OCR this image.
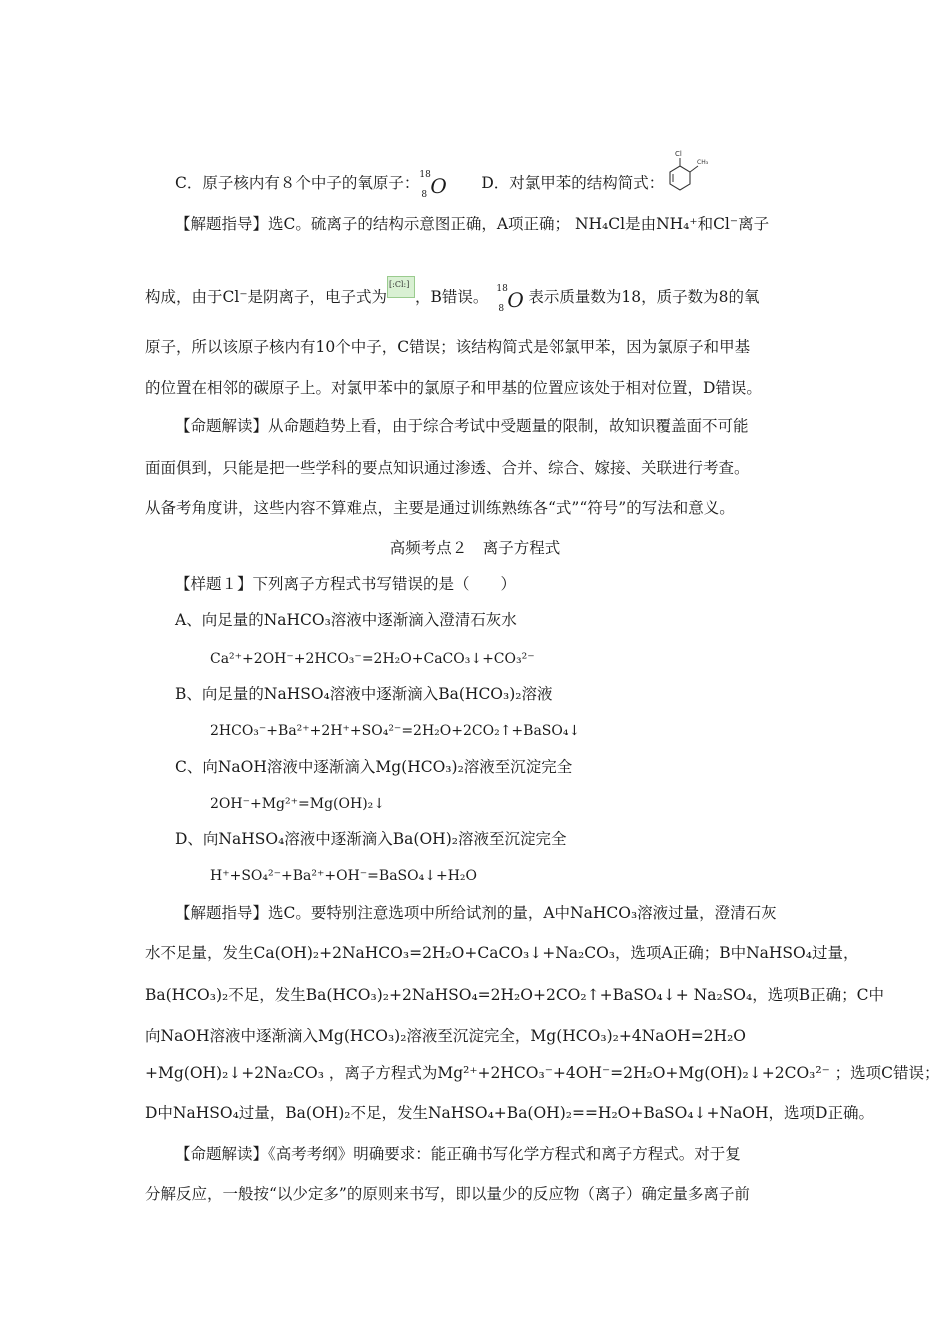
C．原子核内有８个中子的氧原子： 18
8 O D．对氯甲苯的结构简式：
Cl
CH₃
【解题指导】选C。硫离子的结构示意图正确，A项正确； NH₄Cl是由NH₄⁺和Cl⁻离子
构成，由于Cl⁻是阴离子，电子式为[:Cl:] ，B错误。 18
8 O 表示质量数为18，质子数为8的氧
原子，所以该原子核内有10个中子，C错误；该结构简式是邻氯甲苯，因为氯原子和甲基
的位置在相邻的碳原子上。对氯甲苯中的氯原子和甲基的位置应该处于相对位置，D错误。
【命题解读】从命题趋势上看，由于综合考试中受题量的限制，故知识覆盖面不可能
面面俱到，只能是把一些学科的要点知识通过渗透、合并、综合、嫁接、关联进行考查。
从备考角度讲，这些内容不算难点，主要是通过训练熟练各“式”“符号”的写法和意义。
高频考点２　离子方程式
【样题１】下列离子方程式书写错误的是（　　）
A、向足量的NaHCO₃溶液中逐渐滴入澄清石灰水
Ca²⁺+2OH⁻+2HCO₃⁻=2H₂O+CaCO₃↓+CO₃²⁻
B、向足量的NaHSO₄溶液中逐渐滴入Ba(HCO₃)₂溶液
2HCO₃⁻+Ba²⁺+2H⁺+SO₄²⁻=2H₂O+2CO₂↑+BaSO₄↓
C、向NaOH溶液中逐渐滴入Mg(HCO₃)₂溶液至沉淀完全
2OH⁻+Mg²⁺=Mg(OH)₂↓
D、向NaHSO₄溶液中逐渐滴入Ba(OH)₂溶液至沉淀完全
H⁺+SO₄²⁻+Ba²⁺+OH⁻=BaSO₄↓+H₂O
【解题指导】选C。要特别注意选项中所给试剂的量，A中NaHCO₃溶液过量，澄清石灰
水不足量，发生Ca(OH)₂+2NaHCO₃=2H₂O+CaCO₃↓+Na₂CO₃，选项A正确；B中NaHSO₄过量，
Ba(HCO₃)₂不足，发生Ba(HCO₃)₂+2NaHSO₄=2H₂O+2CO₂↑+BaSO₄↓+ Na₂SO₄，选项B正确；C中
向NaOH溶液中逐渐滴入Mg(HCO₃)₂溶液至沉淀完全，Mg(HCO₃)₂+4NaOH=2H₂O
+Mg(OH)₂↓+2Na₂CO₃ ，离子方程式为Mg²⁺+2HCO₃⁻+4OH⁻=2H₂O+Mg(OH)₂↓+2CO₃²⁻ ；选项C错误；
D中NaHSO₄过量，Ba(OH)₂不足，发生NaHSO₄+Ba(OH)₂==H₂O+BaSO₄↓+NaOH，选项D正确。
【命题解读】《高考考纲》明确要求：能正确书写化学方程式和离子方程式。对于复
分解反应，一般按“以少定多”的原则来书写，即以量少的反应物（离子）确定量多离子前
